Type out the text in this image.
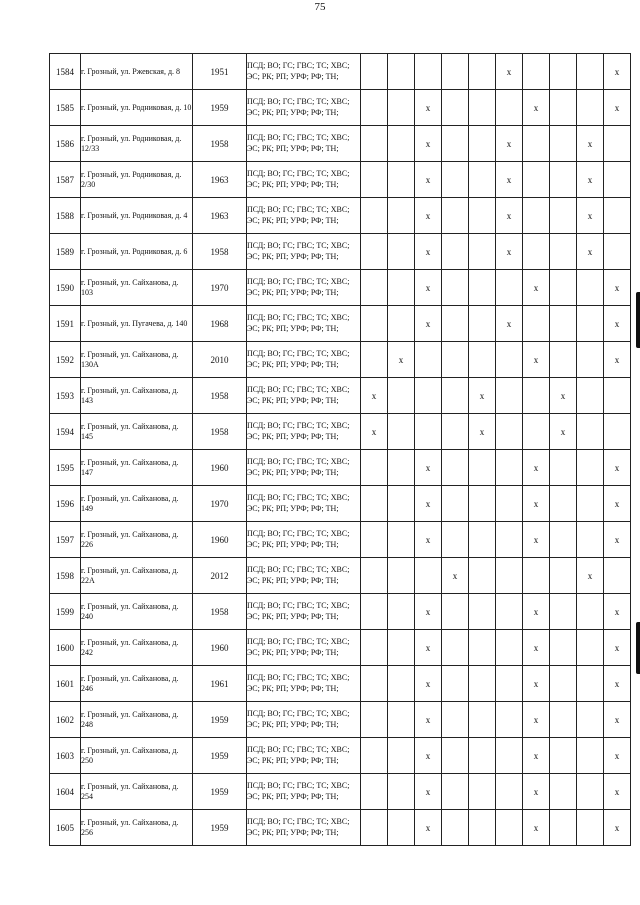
75
1584	г. Грозный, ул. Ржевская, д. 8	1951	ПСД; ВО; ГС; ГВС; ТС; ХВС; ЭС; РК; РП; УРФ; РФ; ТН;						x				x
1585	г. Грозный, ул. Родниковая, д. 10	1959	ПСД; ВО; ГС; ГВС; ТС; ХВС; ЭС; РК; РП; УРФ; РФ; ТН;			x				x			x
1586	г. Грозный, ул. Родниковая, д. 12/33	1958	ПСД; ВО; ГС; ГВС; ТС; ХВС; ЭС; РК; РП; УРФ; РФ; ТН;			x			x			x	
1587	г. Грозный, ул. Родниковая, д. 2/30	1963	ПСД; ВО; ГС; ГВС; ТС; ХВС; ЭС; РК; РП; УРФ; РФ; ТН;			x			x			x	
1588	г. Грозный, ул. Родниковая, д. 4	1963	ПСД; ВО; ГС; ГВС; ТС; ХВС; ЭС; РК; РП; УРФ; РФ; ТН;			x			x			x	
1589	г. Грозный, ул. Родниковая, д. 6	1958	ПСД; ВО; ГС; ГВС; ТС; ХВС; ЭС; РК; РП; УРФ; РФ; ТН;			x			x			x	
1590	г. Грозный, ул. Сайханова, д. 103	1970	ПСД; ВО; ГС; ГВС; ТС; ХВС; ЭС; РК; РП; УРФ; РФ; ТН;			x				x			x
1591	г. Грозный, ул. Пугачева, д. 140	1968	ПСД; ВО; ГС; ГВС; ТС; ХВС; ЭС; РК; РП; УРФ; РФ; ТН;			x			x				x
1592	г. Грозный, ул. Сайханова, д. 130А	2010	ПСД; ВО; ГС; ГВС; ТС; ХВС; ЭС; РК; РП; УРФ; РФ; ТН;		x					x			x
1593	г. Грозный, ул. Сайханова, д. 143	1958	ПСД; ВО; ГС; ГВС; ТС; ХВС; ЭС; РК; РП; УРФ; РФ; ТН;	x				x			x		
1594	г. Грозный, ул. Сайханова, д. 145	1958	ПСД; ВО; ГС; ГВС; ТС; ХВС; ЭС; РК; РП; УРФ; РФ; ТН;	x				x			x		
1595	г. Грозный, ул. Сайханова, д. 147	1960	ПСД; ВО; ГС; ГВС; ТС; ХВС; ЭС; РК; РП; УРФ; РФ; ТН;			x				x			x
1596	г. Грозный, ул. Сайханова, д. 149	1970	ПСД; ВО; ГС; ГВС; ТС; ХВС; ЭС; РК; РП; УРФ; РФ; ТН;			x				x			x
1597	г. Грозный, ул. Сайханова, д. 226	1960	ПСД; ВО; ГС; ГВС; ТС; ХВС; ЭС; РК; РП; УРФ; РФ; ТН;			x				x			x
1598	г. Грозный, ул. Сайханова, д. 22А	2012	ПСД; ВО; ГС; ГВС; ТС; ХВС; ЭС; РК; РП; УРФ; РФ; ТН;				x					x	
1599	г. Грозный, ул. Сайханова, д. 240	1958	ПСД; ВО; ГС; ГВС; ТС; ХВС; ЭС; РК; РП; УРФ; РФ; ТН;			x				x			x
1600	г. Грозный, ул. Сайханова, д. 242	1960	ПСД; ВО; ГС; ГВС; ТС; ХВС; ЭС; РК; РП; УРФ; РФ; ТН;			x				x			x
1601	г. Грозный, ул. Сайханова, д. 246	1961	ПСД; ВО; ГС; ГВС; ТС; ХВС; ЭС; РК; РП; УРФ; РФ; ТН;			x				x			x
1602	г. Грозный, ул. Сайханова, д. 248	1959	ПСД; ВО; ГС; ГВС; ТС; ХВС; ЭС; РК; РП; УРФ; РФ; ТН;			x				x			x
1603	г. Грозный, ул. Сайханова, д. 250	1959	ПСД; ВО; ГС; ГВС; ТС; ХВС; ЭС; РК; РП; УРФ; РФ; ТН;			x				x			x
1604	г. Грозный, ул. Сайханова, д. 254	1959	ПСД; ВО; ГС; ГВС; ТС; ХВС; ЭС; РК; РП; УРФ; РФ; ТН;			x				x			x
1605	г. Грозный, ул. Сайханова, д. 256	1959	ПСД; ВО; ГС; ГВС; ТС; ХВС; ЭС; РК; РП; УРФ; РФ; ТН;			x				x			x
